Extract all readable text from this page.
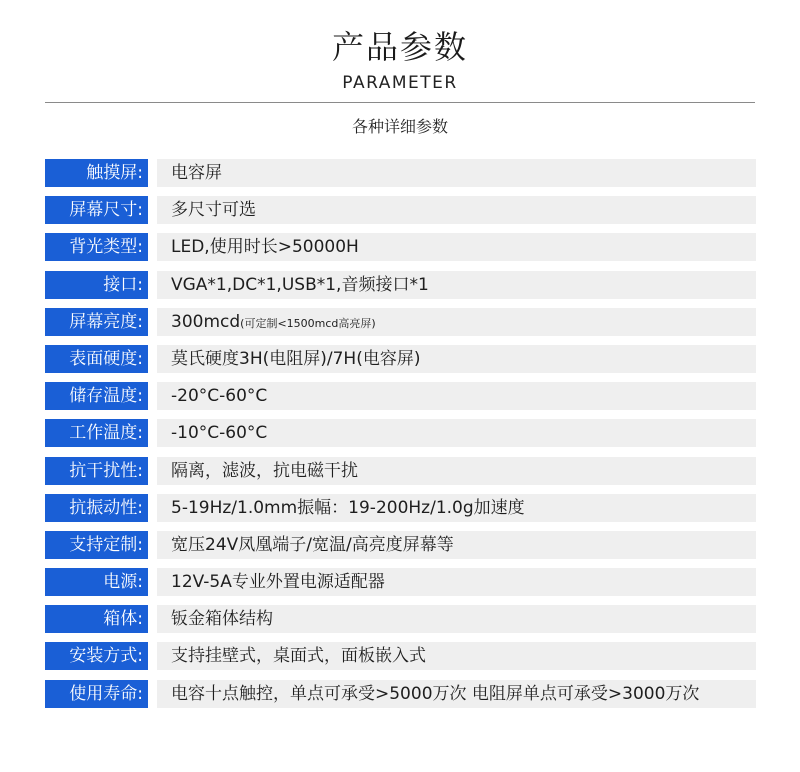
产品参数
PARAMETER
各种详细参数
触摸屏:	电容屏
屏幕尺寸:	多尺寸可选
背光类型:	LED,使用时长>50000H
接口:	VGA*1,DC*1,USB*1,音频接口*1
屏幕亮度:	300mcd(可定制<1500mcd高亮屏)
表面硬度:	莫氏硬度3H(电阻屏)/7H(电容屏)
储存温度:	-20°C-60°C
工作温度:	-10°C-60°C
抗干扰性:	隔离，滤波，抗电磁干扰
抗振动性:	5-19Hz/1.0mm振幅：19-200Hz/1.0g加速度
支持定制:	宽压24V凤凰端子/宽温/高亮度屏幕等
电源:	12V-5A专业外置电源适配器
箱体:	钣金箱体结构
安装方式:	支持挂壁式，桌面式，面板嵌入式
使用寿命:	电容十点触控，单点可承受>5000万次 电阻屏单点可承受>3000万次
